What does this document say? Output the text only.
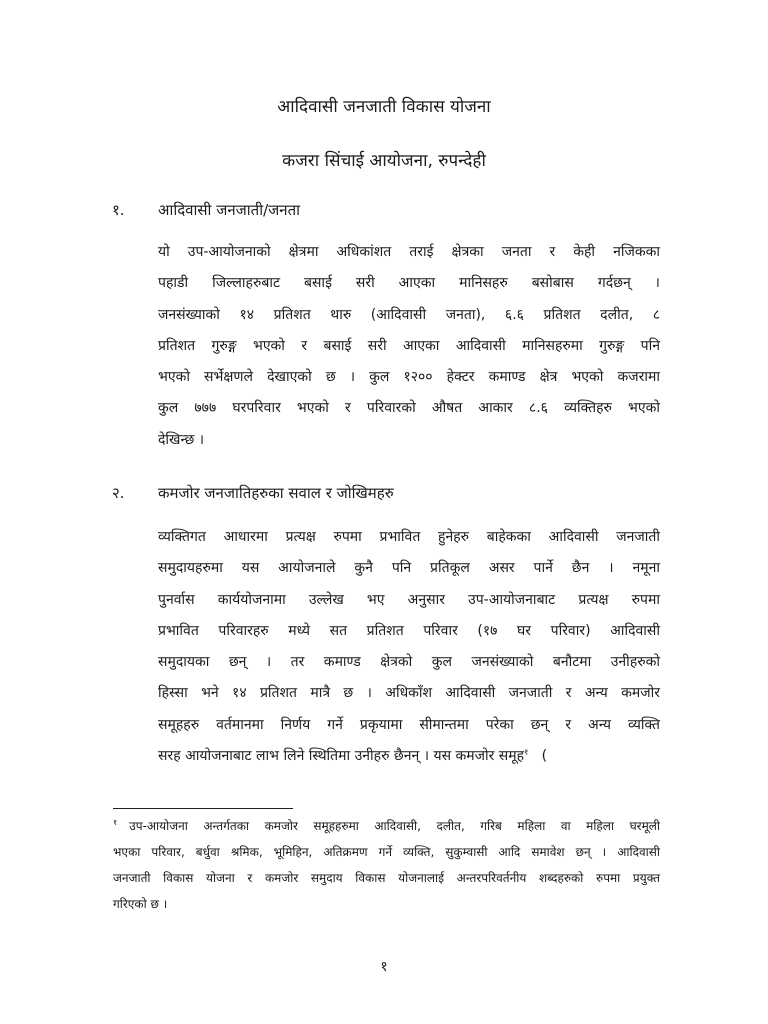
आदिवासी जनजाती विकास योजना
कजरा सिंचाई आयोजना, रुपन्देही
१. आदिवासी जनजाती/जनता
यो उप-आयोजनाको क्षेत्रमा अधिकांशत तराई क्षेत्रका जनता र केही नजिकका
पहाडी जिल्लाहरुबाट बसाई सरी आएका मानिसहरु बसोबास गर्दछन् ।
जनसंख्याको १४ प्रतिशत थारु (आदिवासी जनता), ६.६ प्रतिशत दलीत, ८
प्रतिशत गुरुङ्ग भएको र बसाई सरी आएका आदिवासी मानिसहरुमा गुरुङ्ग पनि
भएको सर्भेक्षणले देखाएको छ । कुल १२०० हेक्टर कमाण्ड क्षेत्र भएको कजरामा
कुल ७७७ घरपरिवार भएको र परिवारको औषत आकार ८.६ व्यक्तिहरु भएको
देखिन्छ ।
२. कमजोर जनजातिहरुका सवाल र जोखिमहरु
व्यक्तिगत आधारमा प्रत्यक्ष रुपमा प्रभावित हुनेहरु बाहेकका आदिवासी जनजाती
समुदायहरुमा यस आयोजनाले कुनै पनि प्रतिकूल असर पार्ने छैन । नमूना
पुनर्वास कार्ययोजनामा उल्लेख भए अनुसार उप-आयोजनाबाट प्रत्यक्ष रुपमा
प्रभावित परिवारहरु मध्ये सत प्रतिशत परिवार (१७ घर परिवार) आदिवासी
समुदायका छन् । तर कमाण्ड क्षेत्रको कुल जनसंख्याको बनौटमा उनीहरुको
हिस्सा भने १४ प्रतिशत मात्रै छ । अधिकाँश आदिवासी जनजाती र अन्य कमजोर
समूहहरु वर्तमानमा निर्णय गर्ने प्रकृयामा सीमान्तमा परेका छन् र अन्य व्यक्ति
सरह आयोजनाबाट लाभ लिने स्थितिमा उनीहरु छैनन् । यस कमजोर समूह$^१$ (
$^१$ उप-आयोजना अन्तर्गतका कमजोर समूहहरुमा आदिवासी, दलीत, गरिब महिला वा महिला घरमूली
भएका परिवार, बर्धुवा श्रमिक, भूमिहिन, अतिक्रमण गर्ने व्यक्ति, सुकुम्वासी आदि समावेश छन् । आदिवासी
जनजाती विकास योजना र कमजोर समुदाय विकास योजनालाई अन्तरपरिवर्तनीय शब्दहरुको रुपमा प्रयुक्त
गरिएको छ ।
१
